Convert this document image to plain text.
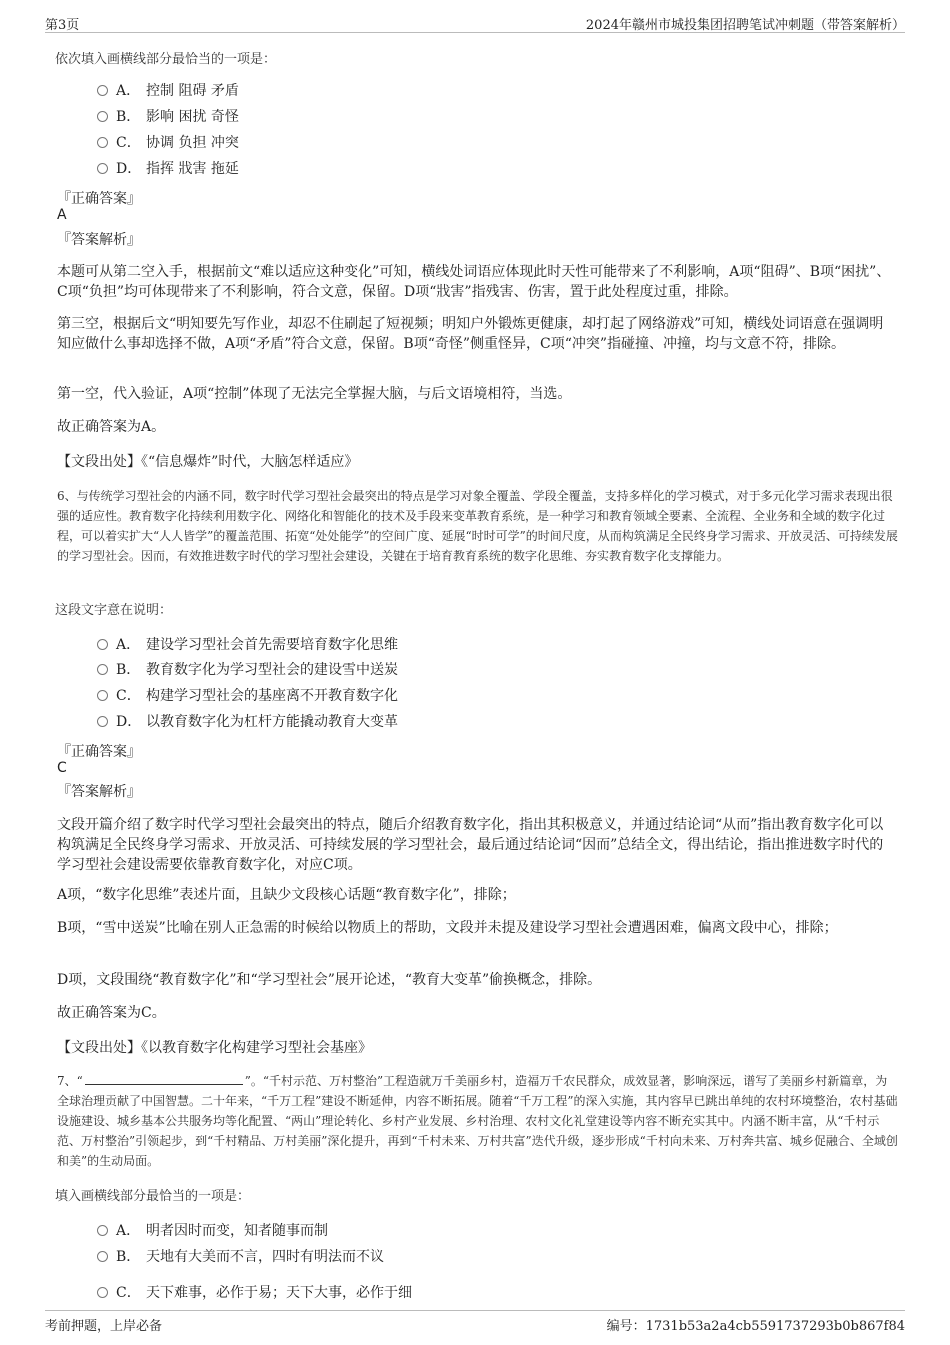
第3页	2024年赣州市城投集团招聘笔试冲刺题（带答案解析）
依次填入画横线部分最恰当的一项是：
A． 控制 阻碍 矛盾
B． 影响 困扰 奇怪
C． 协调 负担 冲突
D． 指挥 戕害 拖延
『正确答案』
A
『答案解析』
本题可从第二空入手，根据前文“难以适应这种变化”可知，横线处词语应体现此时天性可能带来了不利影响，A项“阻碍”、B项“困扰”、C项“负担”均可体现带来了不利影响，符合文意，保留。D项“戕害”指残害、伤害，置于此处程度过重，排除。
第三空，根据后文“明知要先写作业，却忍不住刷起了短视频；明知户外锻炼更健康，却打起了网络游戏”可知，横线处词语意在强调明知应做什么事却选择不做，A项“矛盾”符合文意，保留。B项“奇怪”侧重怪异，C项“冲突”指碰撞、冲撞，均与文意不符，排除。
第一空，代入验证，A项“控制”体现了无法完全掌握大脑，与后文语境相符，当选。
故正确答案为A。
【文段出处】《“信息爆炸”时代，大脑怎样适应》
6、与传统学习型社会的内涵不同，数字时代学习型社会最突出的特点是学习对象全覆盖、学段全覆盖，支持多样化的学习模式，对于多元化学习需求表现出很强的适应性。教育数字化持续利用数字化、网络化和智能化的技术及手段来变革教育系统，是一种学习和教育领域全要素、全流程、全业务和全域的数字化过程，可以着实扩大“人人皆学”的覆盖范围、拓宽“处处能学”的空间广度、延展“时时可学”的时间尺度，从而构筑满足全民终身学习需求、开放灵活、可持续发展的学习型社会。因而，有效推进数字时代的学习型社会建设，关键在于培育教育系统的数字化思维、夯实教育数字化支撑能力。
这段文字意在说明：
A． 建设学习型社会首先需要培育数字化思维
B． 教育数字化为学习型社会的建设雪中送炭
C． 构建学习型社会的基座离不开教育数字化
D． 以教育数字化为杠杆方能撬动教育大变革
『正确答案』
C
『答案解析』
文段开篇介绍了数字时代学习型社会最突出的特点，随后介绍教育数字化，指出其积极意义，并通过结论词“从而”指出教育数字化可以构筑满足全民终身学习需求、开放灵活、可持续发展的学习型社会，最后通过结论词“因而”总结全文，得出结论，指出推进数字时代的学习型社会建设需要依靠教育数字化，对应C项。
A项，“数字化思维”表述片面，且缺少文段核心话题“教育数字化”，排除；
B项，“雪中送炭”比喻在别人正急需的时候给以物质上的帮助，文段并未提及建设学习型社会遭遇困难，偏离文段中心，排除；
D项，文段围绕“教育数字化”和“学习型社会”展开论述，“教育大变革”偷换概念，排除。
故正确答案为C。
【文段出处】《以教育数字化构建学习型社会基座》
7、“	”。“千村示范、万村整治”工程造就万千美丽乡村，造福万千农民群众，成效显著，影响深远，谱写了美丽乡村新篇章，为全球治理贡献了中国智慧。二十年来，“千万工程”建设不断延伸，内容不断拓展。随着“千万工程”的深入实施，其内容早已跳出单纯的农村环境整治，农村基础设施建设、城乡基本公共服务均等化配置、“两山”理论转化、乡村产业发展、乡村治理、农村文化礼堂建设等内容不断充实其中。内涵不断丰富，从“千村示范、万村整治”引领起步，到“千村精品、万村美丽”深化提升，再到“千村未来、万村共富”迭代升级，逐步形成“千村向未来、万村奔共富、城乡促融合、全域创和美”的生动局面。
填入画横线部分最恰当的一项是：
A． 明者因时而变，知者随事而制
B． 天地有大美而不言，四时有明法而不议
C． 天下难事，必作于易；天下大事，必作于细
考前押题，上岸必备	编号：1731b53a2a4cb5591737293b0b867f84
